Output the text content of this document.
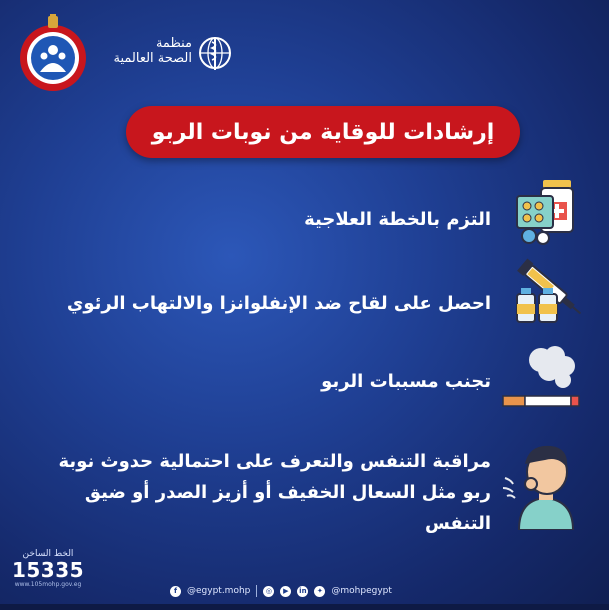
منظمة
الصحة العالمية
إرشادات للوقاية من نوبات الربو
التزم بالخطة العلاجية
احصل على لقاح ضد الإنفلوانزا والالتهاب الرئوي
تجنب مسببات الربو
مراقبة التنفس والتعرف على احتمالية حدوث نوبة
ربو مثل السعال الخفيف أو أزيز الصدر أو ضيق
التنفس
الخط الساخن
15335
www.105mohp.gov.eg
f	@egypt.mohp	◎	▶	in	✦ @mohpegypt
